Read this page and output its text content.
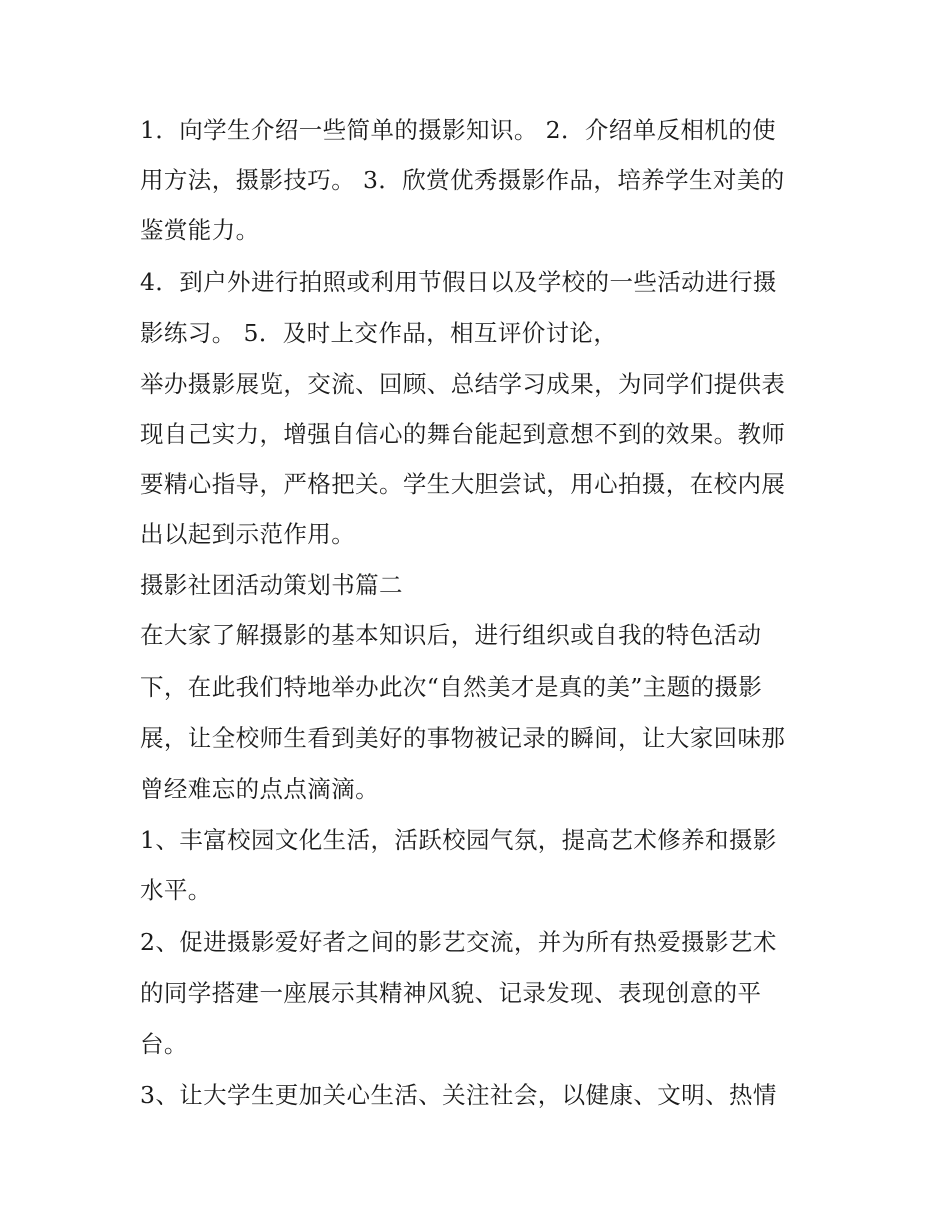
1．向学生介绍一些简单的摄影知识。 2．介绍单反相机的使
用方法，摄影技巧。 3．欣赏优秀摄影作品，培养学生对美的
鉴赏能力。
4．到户外进行拍照或利用节假日以及学校的一些活动进行摄
影练习。 5．及时上交作品，相互评价讨论，
举办摄影展览，交流、回顾、总结学习成果，为同学们提供表
现自己实力，增强自信心的舞台能起到意想不到的效果。教师
要精心指导，严格把关。学生大胆尝试，用心拍摄，在校内展
出以起到示范作用。
摄影社团活动策划书篇二
在大家了解摄影的基本知识后，进行组织或自我的特色活动
下，在此我们特地举办此次“自然美才是真的美”主题的摄影
展，让全校师生看到美好的事物被记录的瞬间，让大家回味那
曾经难忘的点点滴滴。
1、丰富校园文化生活，活跃校园气氛，提高艺术修养和摄影
水平。
2、促进摄影爱好者之间的影艺交流，并为所有热爱摄影艺术
的同学搭建一座展示其精神风貌、记录发现、表现创意的平
台。
3、让大学生更加关心生活、关注社会，以健康、文明、热情
